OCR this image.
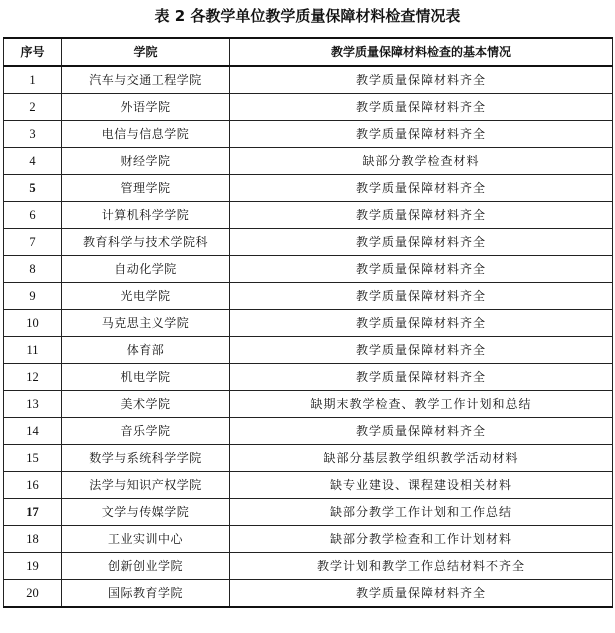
表 2 各教学单位教学质量保障材料检查情况表
序号	学院	教学质量保障材料检查的基本情况
1	汽车与交通工程学院	教学质量保障材料齐全
2	外语学院	教学质量保障材料齐全
3	电信与信息学院	教学质量保障材料齐全
4	财经学院	缺部分教学检查材料
5	管理学院	教学质量保障材料齐全
6	计算机科学学院	教学质量保障材料齐全
7	教育科学与技术学院科	教学质量保障材料齐全
8	自动化学院	教学质量保障材料齐全
9	光电学院	教学质量保障材料齐全
10	马克思主义学院	教学质量保障材料齐全
11	体育部	教学质量保障材料齐全
12	机电学院	教学质量保障材料齐全
13	美术学院	缺期末教学检查、教学工作计划和总结
14	音乐学院	教学质量保障材料齐全
15	数学与系统科学学院	缺部分基层教学组织教学活动材料
16	法学与知识产权学院	缺专业建设、课程建设相关材料
17	文学与传媒学院	缺部分教学工作计划和工作总结
18	工业实训中心	缺部分教学检查和工作计划材料
19	创新创业学院	教学计划和教学工作总结材料不齐全
20	国际教育学院	教学质量保障材料齐全
